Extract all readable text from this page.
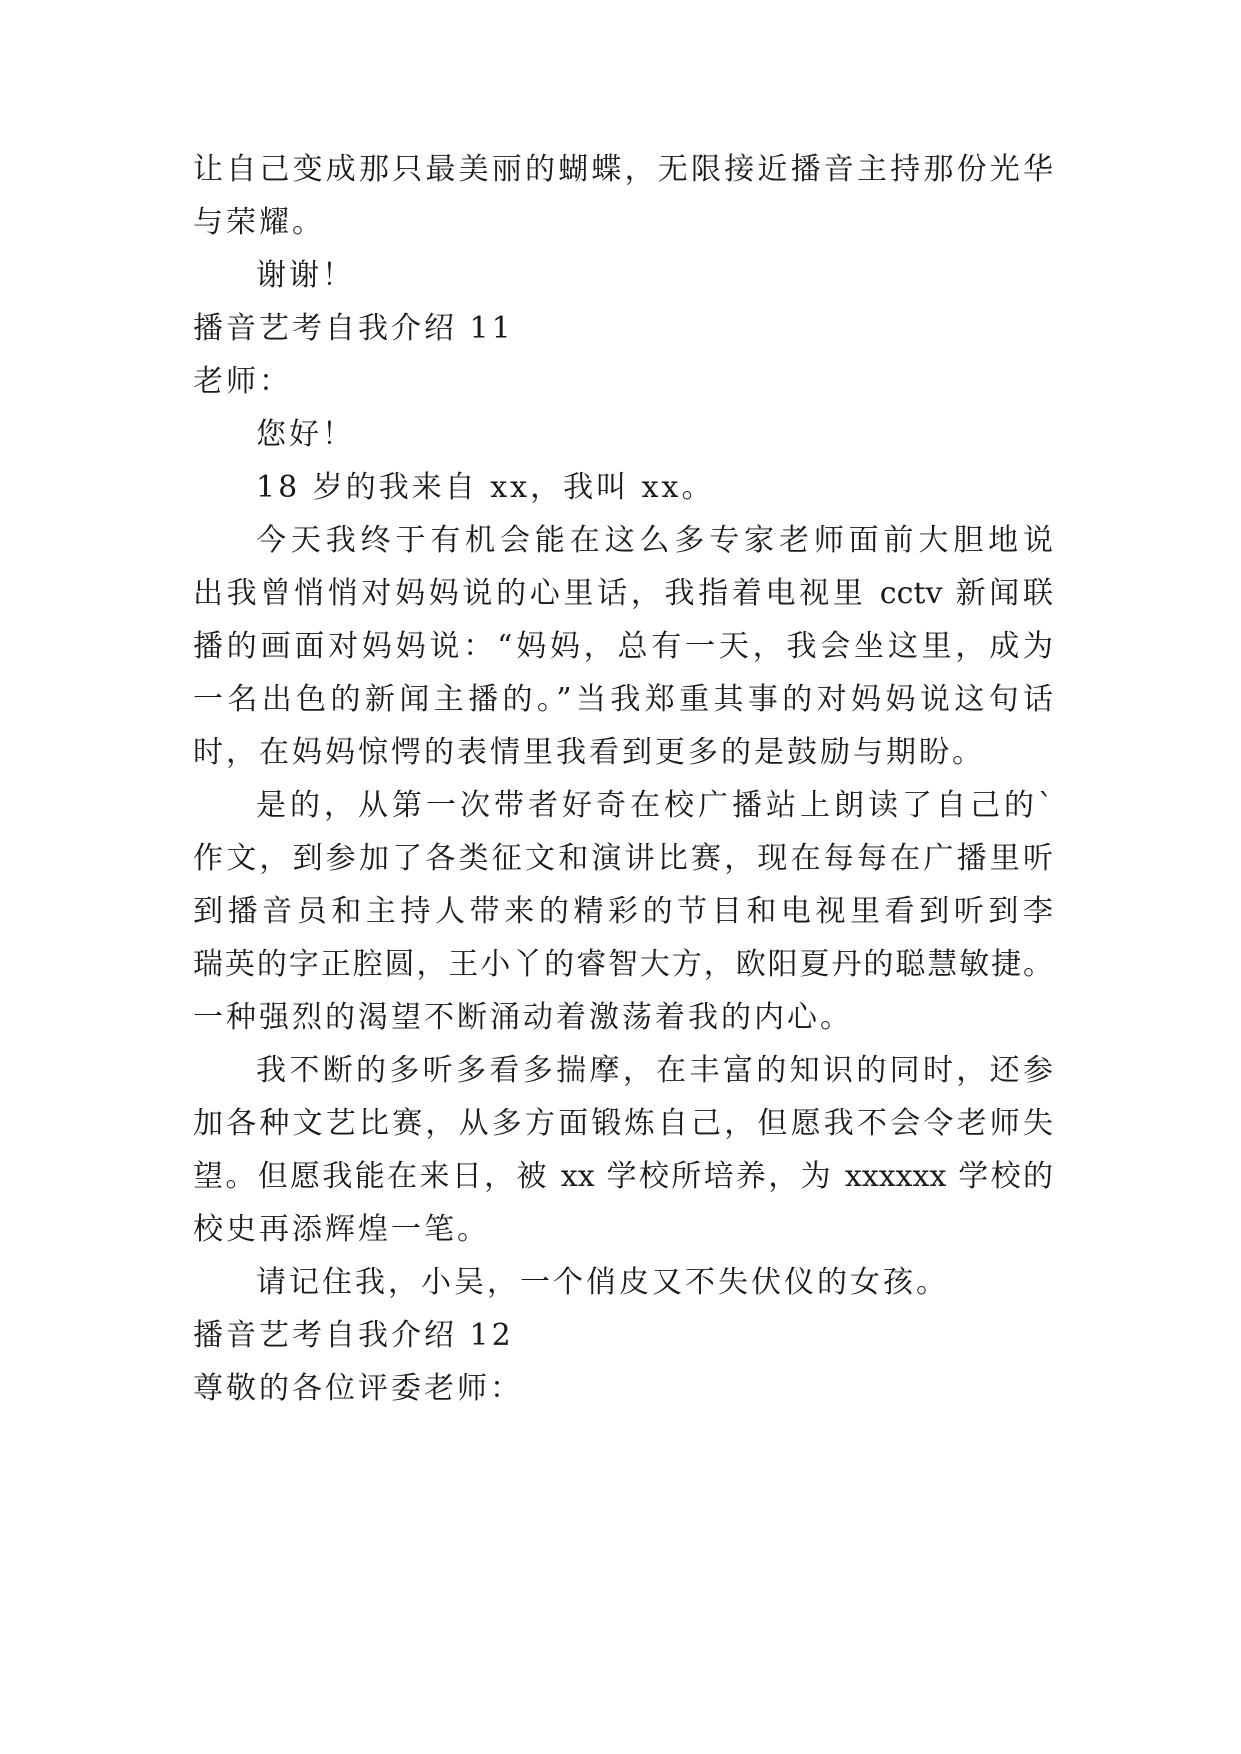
让自己变成那只最美丽的蝴蝶，无限接近播音主持那份光华
与荣耀。
谢谢！
播音艺考自我介绍 11
老师：
您好！
18 岁的我来自 xx，我叫 xx。
今天我终于有机会能在这么多专家老师面前大胆地说
出我曾悄悄对妈妈说的心里话，我指着电视里 cctv 新闻联
播的画面对妈妈说：“妈妈，总有一天，我会坐这里，成为
一名出色的新闻主播的。”当我郑重其事的对妈妈说这句话
时，在妈妈惊愕的表情里我看到更多的是鼓励与期盼。
是的，从第一次带者好奇在校广播站上朗读了自己的`
作文，到参加了各类征文和演讲比赛，现在每每在广播里听
到播音员和主持人带来的精彩的节目和电视里看到听到李
瑞英的字正腔圆，王小丫的睿智大方，欧阳夏丹的聪慧敏捷。
一种强烈的渴望不断涌动着激荡着我的内心。
我不断的多听多看多揣摩，在丰富的知识的同时，还参
加各种文艺比赛，从多方面锻炼自己，但愿我不会令老师失
望。但愿我能在来日，被 xx 学校所培养，为 xxxxxx 学校的
校史再添辉煌一笔。
请记住我，小吴，一个俏皮又不失伏仪的女孩。
播音艺考自我介绍 12
尊敬的各位评委老师：
